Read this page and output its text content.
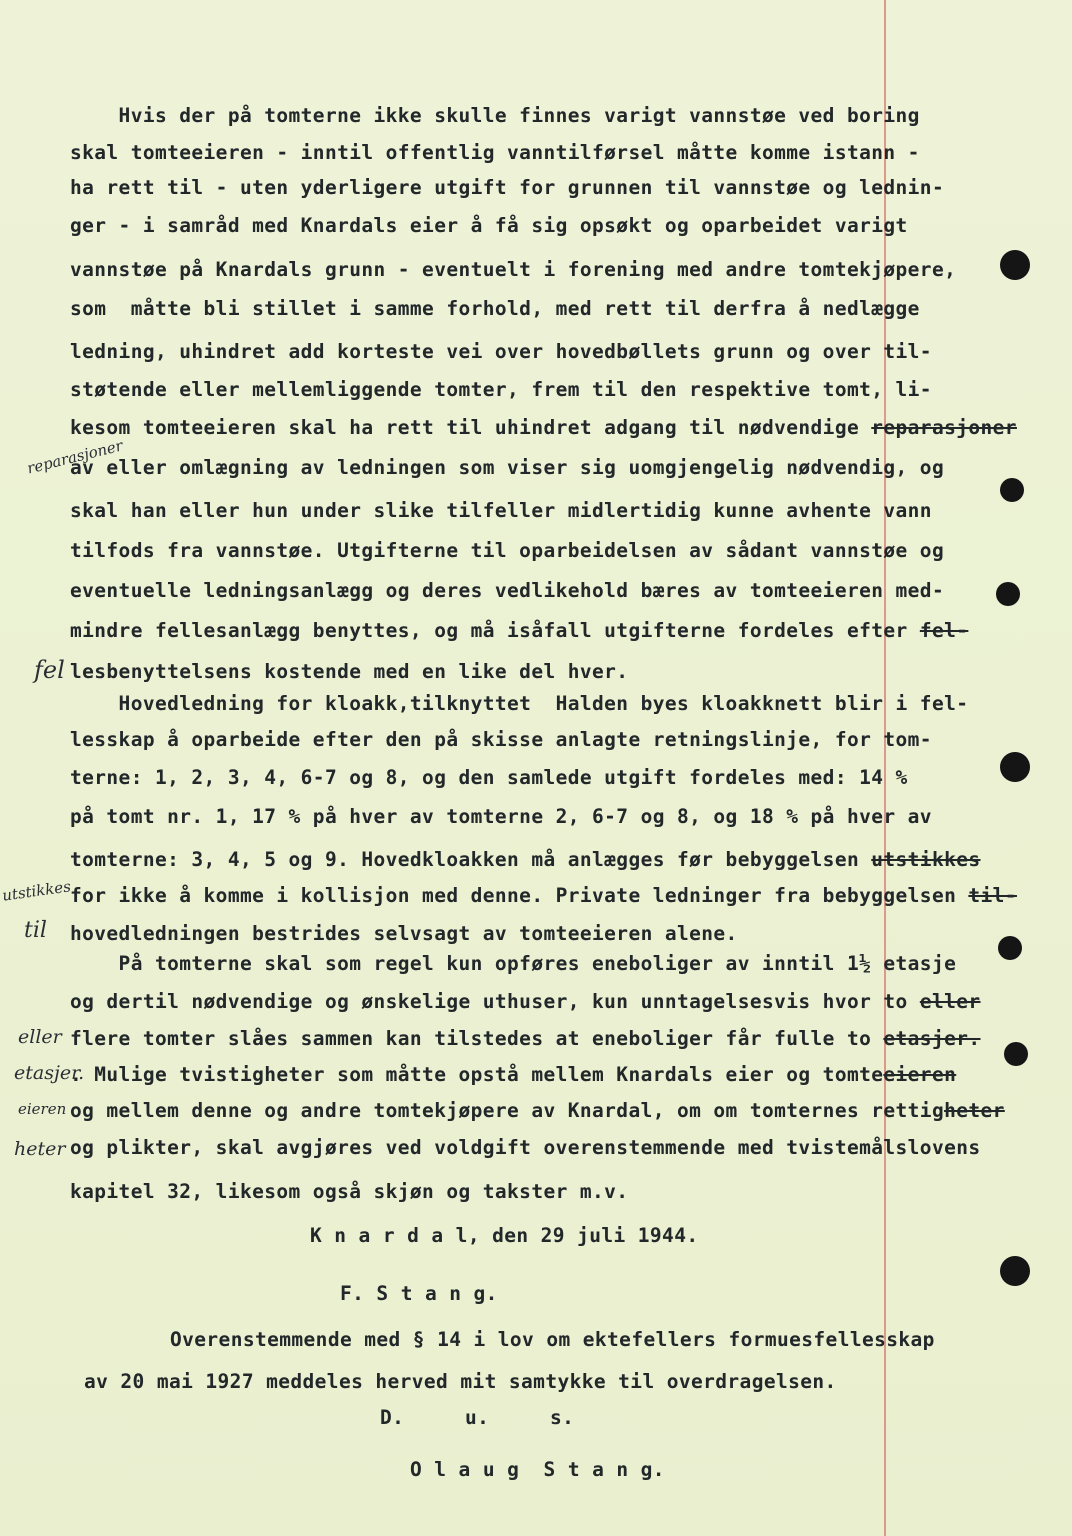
Hvis der på tomterne ikke skulle finnes varigt vannstøe ved boring
skal tomteeieren - inntil offentlig vanntilførsel måtte komme istann -
ha rett til - uten yderligere utgift for grunnen til vannstøe og lednin-
ger - i samråd med Knardals eier å få sig opsøkt og oparbeidet varigt
vannstøe på Knardals grunn - eventuelt i forening med andre tomtekjøpere,
som  måtte bli stillet i samme forhold, med rett til derfra å nedlægge
ledning, uhindret add korteste vei over hovedbøllets grunn og over til-
støtende eller mellemliggende tomter, frem til den respektive tomt, li-
kesom tomteeieren skal ha rett til uhindret adgang til nødvendige reparasjoner
av eller omlægning av ledningen som viser sig uomgjengelig nødvendig, og
skal han eller hun under slike tilfeller midlertidig kunne avhente vann
tilfods fra vannstøe. Utgifterne til oparbeidelsen av sådant vannstøe og
eventuelle ledningsanlægg og deres vedlikehold bæres av tomteeieren med-
mindre fellesanlægg benyttes, og må isåfall utgifterne fordeles efter fel-
lesbenyttelsens kostende med en like del hver.
Hovedledning for kloakk,tilknyttet  Halden byes kloakknett blir i fel-
lesskap å oparbeide efter den på skisse anlagte retningslinje, for tom-
terne: 1, 2, 3, 4, 6-7 og 8, og den samlede utgift fordeles med: 14 %
på tomt nr. 1, 17 % på hver av tomterne 2, 6-7 og 8, og 18 % på hver av
tomterne: 3, 4, 5 og 9. Hovedkloakken må anlægges før bebyggelsen utstikkes
for ikke å komme i kollisjon med denne. Private ledninger fra bebyggelsen til-
hovedledningen bestrides selvsagt av tomteeieren alene.
På tomterne skal som regel kun opføres eneboliger av inntil 1½ etasje
og dertil nødvendige og ønskelige uthuser, kun unntagelsesvis hvor to eller
flere tomter slåes sammen kan tilstedes at eneboliger får fulle to etasjer.
. Mulige tvistigheter som måtte opstå mellem Knardals eier og tomteeieren
og mellem denne og andre tomtekjøpere av Knardal, om om tomternes rettigheter
og plikter, skal avgjøres ved voldgift overenstemmende med tvistemålslovens
kapitel 32, likesom også skjøn og takster m.v.
reparasjoner
fel
utstikkes
til
eller
etasjer.
eieren
heter
K n a r d a l, den 29 juli 1944.
F. S t a n g.
Overenstemmende med § 14 i lov om ektefellers formuesfellesskap
av 20 mai 1927 meddeles herved mit samtykke til overdragelsen.
D.     u.     s.
O l a u g  S t a n g.
